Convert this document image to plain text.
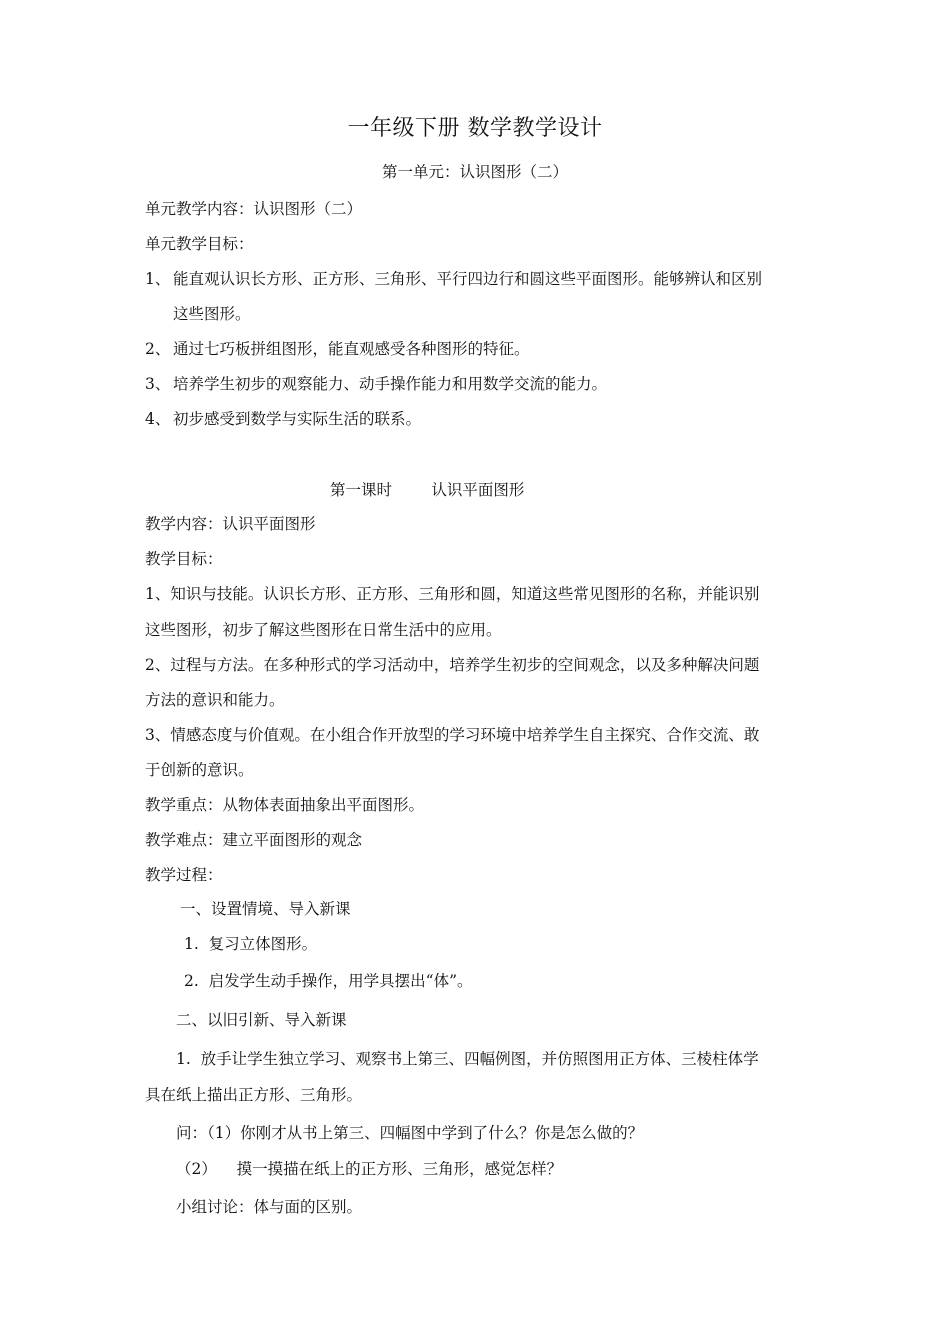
一年级下册 数学教学设计
第一单元：认识图形（二）
单元教学内容：认识图形（二）
单元教学目标：
1、 能直观认识长方形、正方形、三角形、平行四边行和圆这些平面图形。能够辨认和区别
这些图形。
2、 通过七巧板拼组图形，能直观感受各种图形的特征。
3、 培养学生初步的观察能力、动手操作能力和用数学交流的能力。
4、 初步感受到数学与实际生活的联系。
第一课时        认识平面图形
教学内容：认识平面图形
教学目标：
1、知识与技能。认识长方形、正方形、三角形和圆，知道这些常见图形的名称，并能识别
这些图形，初步了解这些图形在日常生活中的应用。
2、过程与方法。在多种形式的学习活动中，培养学生初步的空间观念，以及多种解决问题
方法的意识和能力。
3、情感态度与价值观。在小组合作开放型的学习环境中培养学生自主探究、合作交流、敢
于创新的意识。
教学重点：从物体表面抽象出平面图形。
教学难点：建立平面图形的观念
教学过程：
一、设置情境、导入新课
1.  复习立体图形。
2.  启发学生动手操作，用学具摆出“体”。
二、以旧引新、导入新课
1.  放手让学生独立学习、观察书上第三、四幅例图，并仿照图用正方体、三棱柱体学
具在纸上描出正方形、三角形。
问：（1）你刚才从书上第三、四幅图中学到了什么？你是怎么做的？
（2）    摸一摸描在纸上的正方形、三角形，感觉怎样？
小组讨论：体与面的区别。
